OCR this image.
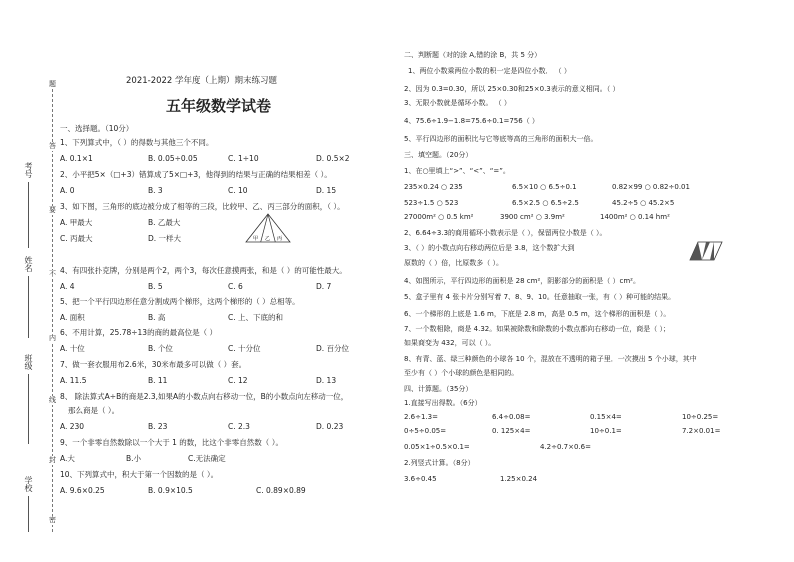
考号
姓名
班级
学校
题
答
要
不
内
线
封
密
2021-2022 学年度（上期）期末练习题
五年级数学试卷
一、选择题。（10分）
1、下列算式中，（ ）的得数与其他三个不同。
A. 0.1×1	B. 0.05÷0.05	C. 1÷10	D. 0.5×2
2、小平把5×（□+3）错算成了5×□+3，他得到的结果与正确的结果相差（ ）。
A. 0	B. 3	C. 10	D. 15
3、如下图，三角形的底边被分成了相等的三段，比较甲、乙、丙三部分的面积，（ ）。
A. 甲最大	B. 乙最大
C. 丙最大	D. 一样大	甲 乙 丙
4、有四张扑克牌，分别是两个2，两个3，每次任意摸两张，和是（ ）的可能性最大。
A. 4	B. 5	C. 6	D. 7
5、把一个平行四边形任意分割成两个梯形，这两个梯形的（ ）总相等。
A. 面积	B. 高	C. 上、下底的和
6、不用计算，25.78÷13的商的最高位是（ ）
A. 十位	B. 个位	C. 十分位	D. 百分位
7、做一套衣服用布2.6米，30米布最多可以做（ ）套。
A. 11.5	B. 11	C. 12	D. 13
8、 除法算式A÷B的商是2.3,如果A的小数点向右移动一位，B的小数点向左移动一位，
那么商是（ ）。
A. 230	B. 23	C. 2.3	D. 0.23
9、一个非零自然数除以一个大于 1 的数，比这个非零自然数（ ）。
A.大	B.小	C.无法确定
10、下列算式中，积大于第一个因数的是（ ）。
A. 9.6×0.25	B. 0.9×10.5	C. 0.89×0.89
二、判断题（对的涂 A,错的涂 B，共 5 分）
1、两位小数乘两位小数的积一定是四位小数． （ ）
2、因为 0.3=0.30，所以 25×0.30和25×0.3表示的意义相同。（ ）
3、无限小数就是循环小数。 （ ）
4、75.6÷1.9−1.8=75.6÷0.1=756（ ）
5、平行四边形的面积比与它等底等高的三角形的面积大一倍。
三、填空题。（20分）
1、在○里填上“>”、“<”、“=”。
235×0.24 ○ 235	6.5×10 ○ 6.5÷0.1	0.82×99 ○ 0.82÷0.01
523÷1.5 ○ 523	6.5×2.5 ○ 6.5÷2.5	45.2÷5 ○ 45.2×5
27000m² ○ 0.5 km²	3900 cm² ○ 3.9m²	1400m² ○ 0.14 hm²
2、6.64÷3.3的商用循环小数表示是（ ），保留两位小数是（ ）。
3、（ ）的小数点向右移动两位后是 3.8，这个数扩大到
原数的（ ）倍，比原数多（ ）。
4、如图所示，平行四边形的面积是 28 cm²，阴影部分的面积是（ ）cm²。
5、盒子里有 4 张卡片分别写着 7、8、9、10。任意抽取一张，有（ ）种可能的结果。
6、一个梯形的上底是 1.6 m，下底是 2.8 m，高是 0.5 m，这个梯形的面积是（ ）。
7、一个数相除，商是 4.32。如果被除数和除数的小数点都向右移动一位，商是（ ）；
如果商变为 432，可以（ ）。
8、有青、蓝、绿三种颜色的小球各 10 个，混放在不透明的箱子里．一次摸出 5 个小球，其中
至少有（ ）个小球的颜色是相同的。
四、计算题。（35分）
1.直接写出得数。（6分）
2.6÷1.3=	6.4÷0.08=	0.15×4=	10÷0.25=
0÷5÷0.05=	0. 125×4=	10÷0.1=	7.2×0.01=
0.05×1÷0.5×0.1=	4.2÷0.7×0.6=
2.列竖式计算。（8分）
3.6÷0.45	1.25×0.24
